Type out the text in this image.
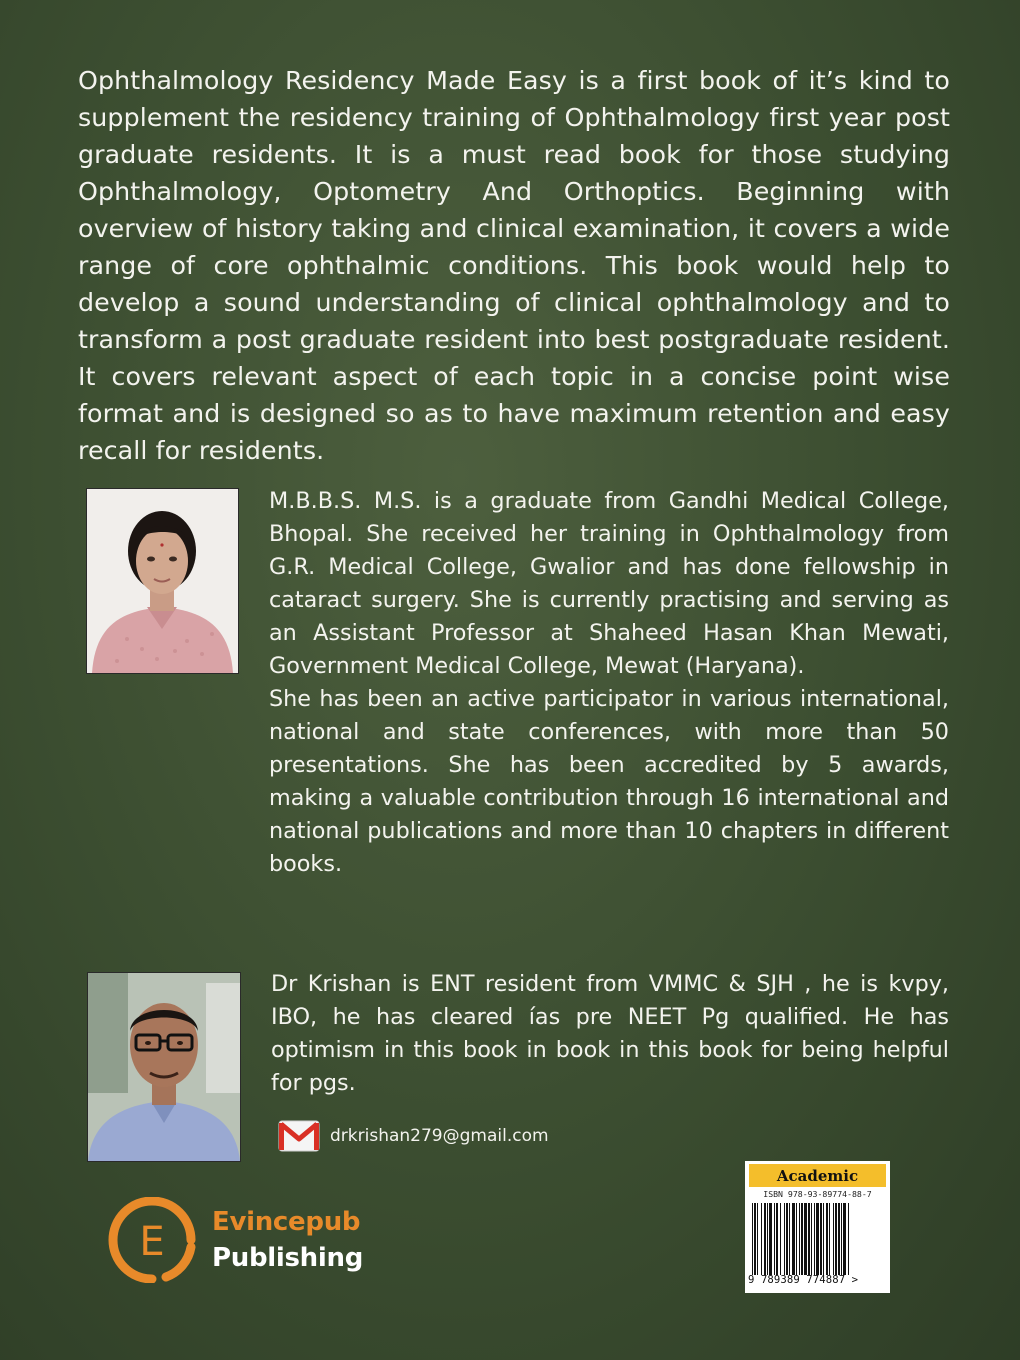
Ophthalmology Residency Made Easy is a first book of it’s kind to supplement the residency training of Ophthalmology first year post graduate residents. It is a must read book for those studying Ophthalmology, Optometry And Orthoptics. Beginning with overview of history taking and clinical examination, it covers a wide range of core ophthalmic conditions. This book would help to develop a sound understanding of clinical ophthalmology and to transform a post graduate resident into best postgraduate resident. It covers relevant aspect of each topic in a concise point wise format and is designed so as to have maximum retention and easy recall for residents.

M.B.B.S. M.S. is a graduate from Gandhi Medical College, Bhopal. She received her training in Ophthalmology from G.R. Medical College, Gwalior and has done fellowship in cataract surgery. She is currently practising and serving as an Assistant Professor at Shaheed Hasan Khan Mewati, Government Medical College, Mewat (Haryana).

She has been an active participator in various international, national and state conferences, with more than 50 presentations. She has been accredited by 5 awards, making a valuable contribution through 16 international and national publications and more than 10 chapters in different books.

Dr Krishan is ENT resident from VMMC & SJH , he is kvpy, IBO, he has cleared ías pre NEET Pg qualified. He has optimism in this book in book in this book for being helpful for pgs.

drkrishan279@gmail.com
E Evincepub
Publishing
Academic
ISBN 978-93-89774-88-7
9 789389 774887 >
